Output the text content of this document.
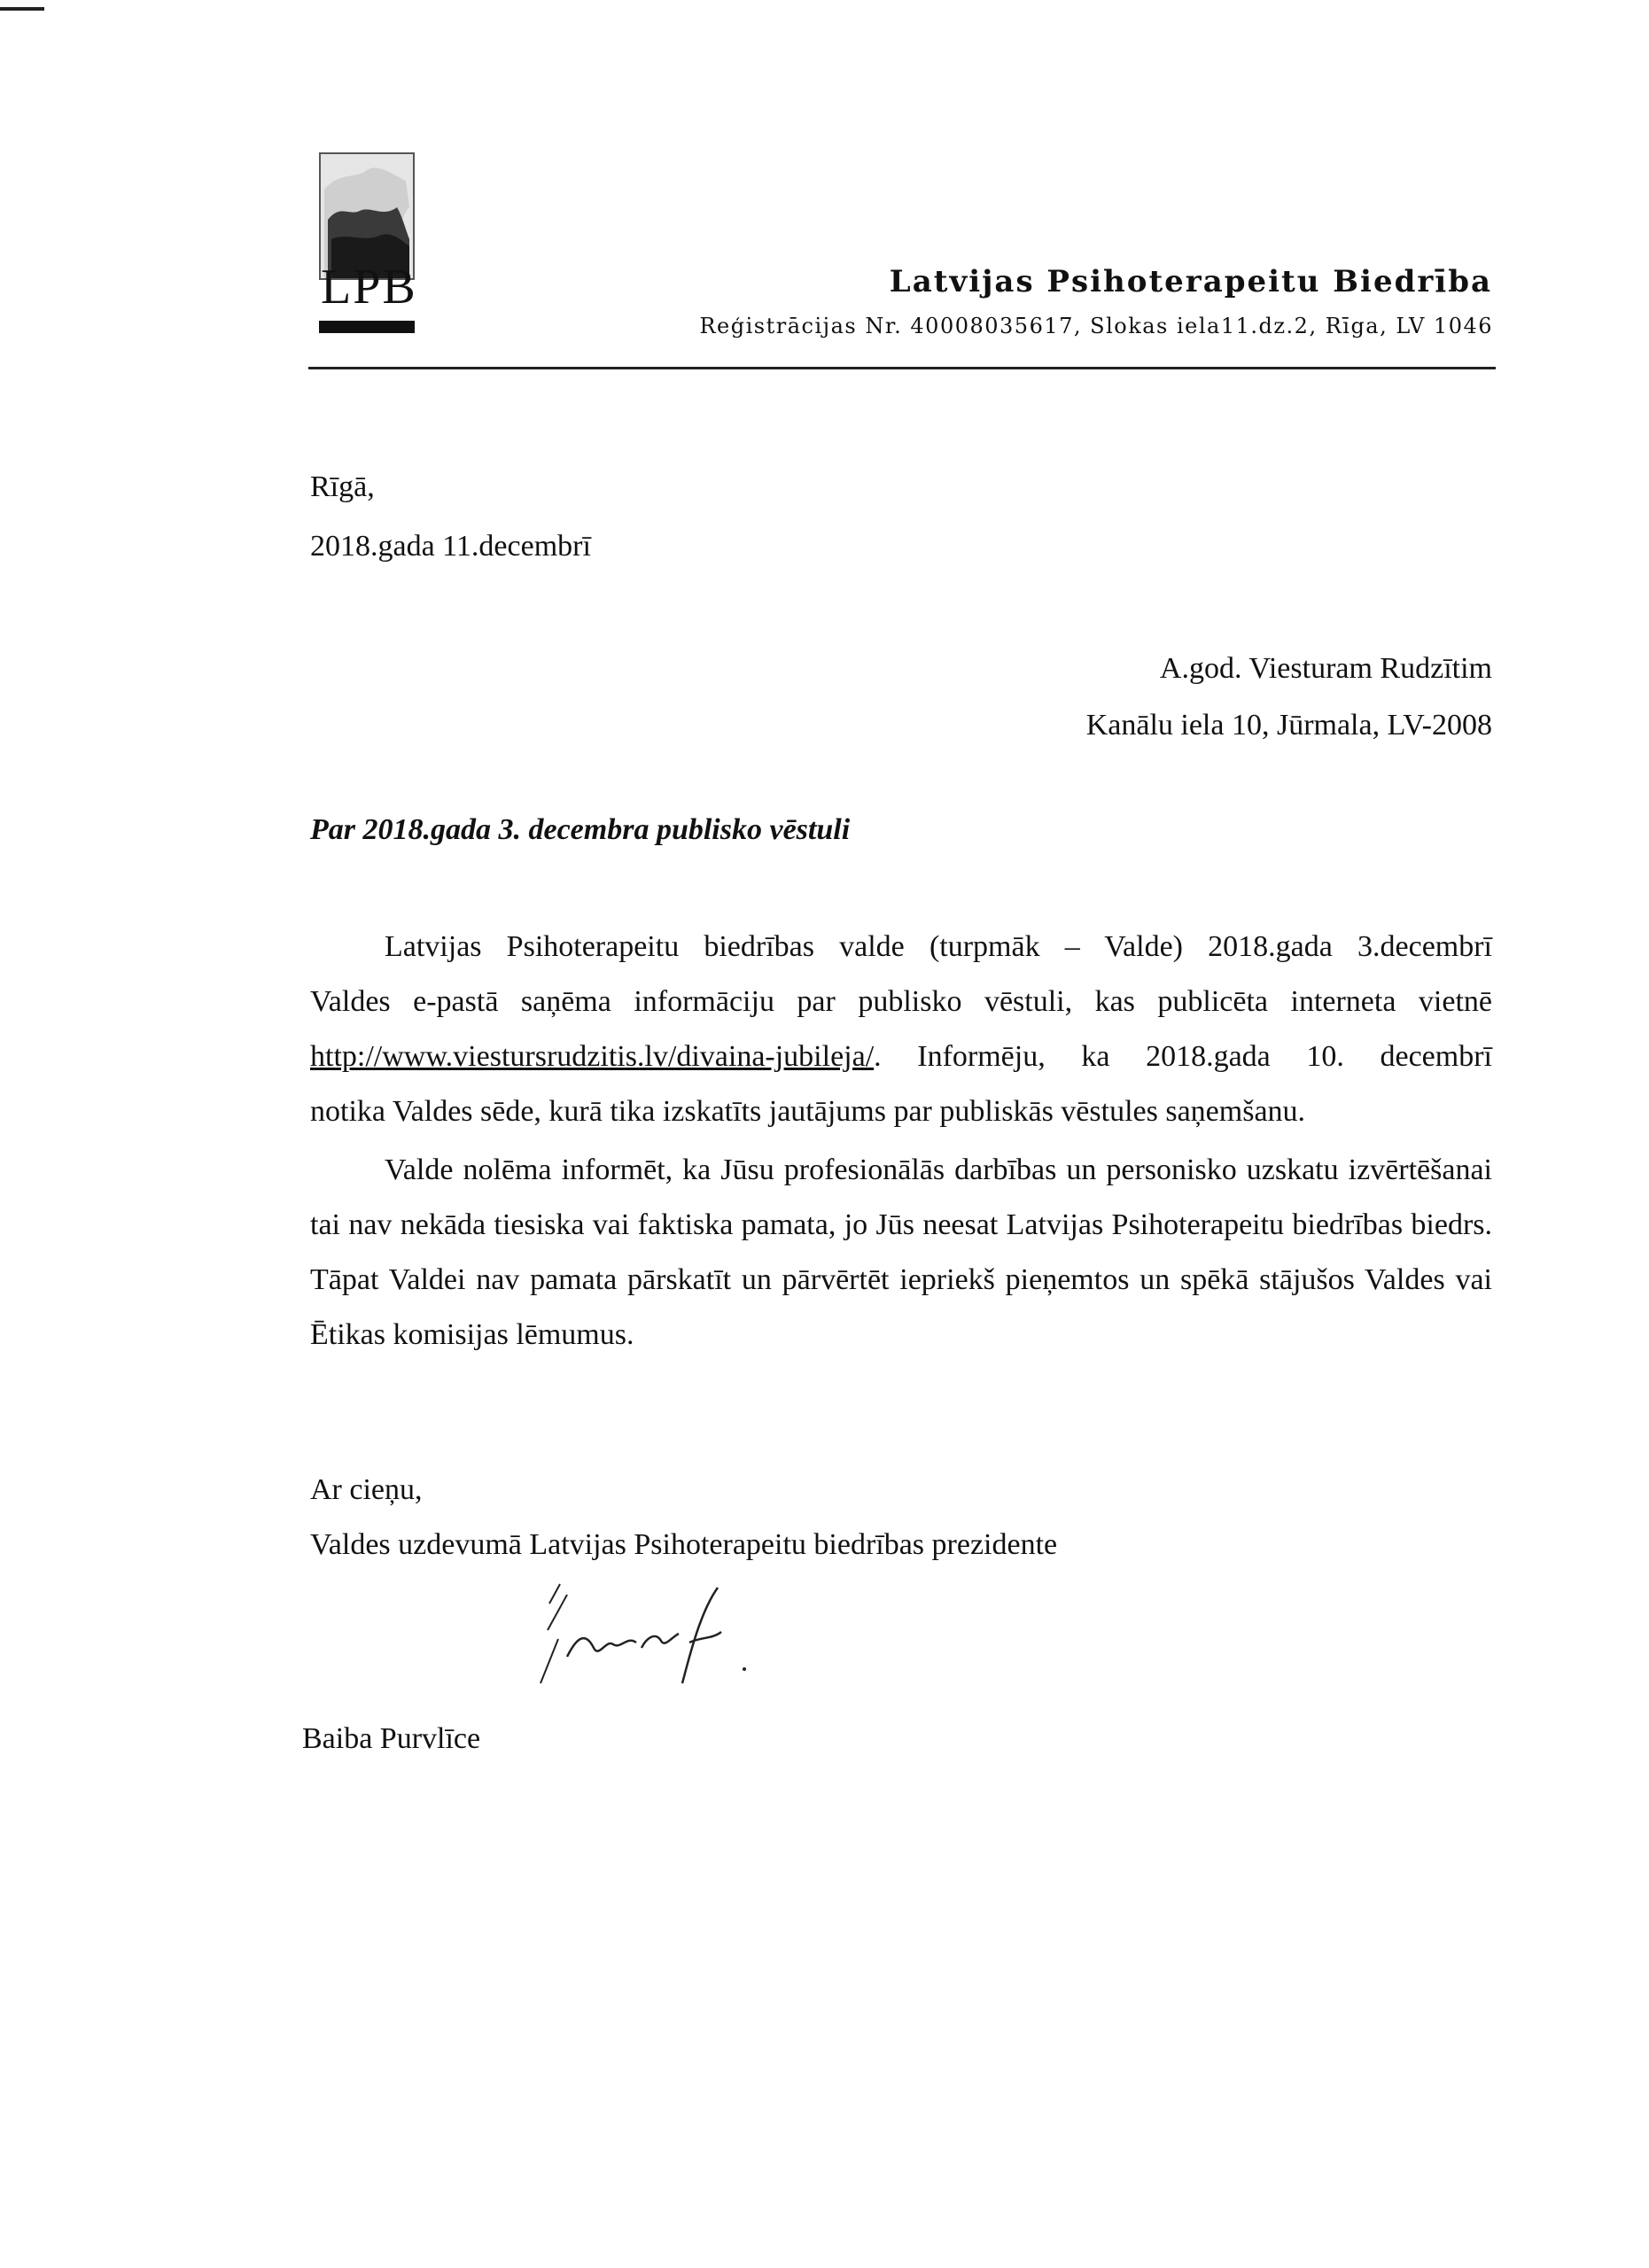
LPB	Latvijas Psihoterapeitu Biedrība
Reģistrācijas Nr. 40008035617, Slokas iela11.dz.2, Rīga, LV 1046
Rīgā,
2018.gada 11.decembrī
A.god. Viesturam Rudzītim
Kanālu iela 10, Jūrmala, LV-2008
Par 2018.gada 3. decembra publisko vēstuli
Latvijas Psihoterapeitu biedrības valde (turpmāk – Valde) 2018.gada 3.decembrī
Valdes e-pastā saņēma informāciju par publisko vēstuli, kas publicēta interneta vietnē
http://www.viestursrudzitis.lv/divaina-jubileja/. Informēju, ka 2018.gada 10. decembrī
notika Valdes sēde, kurā tika izskatīts jautājums par publiskās vēstules saņemšanu.
Valde nolēma informēt, ka Jūsu profesionālās darbības un personisko uzskatu izvērtēšanai tai nav nekāda tiesiska vai faktiska pamata, jo Jūs neesat Latvijas Psihoterapeitu biedrības biedrs. Tāpat Valdei nav pamata pārskatīt un pārvērtēt iepriekš pieņemtos un spēkā stājušos Valdes vai Ētikas komisijas lēmumus.
Ar cieņu,
Valdes uzdevumā Latvijas Psihoterapeitu biedrības prezidente
Baiba Purvlīce
